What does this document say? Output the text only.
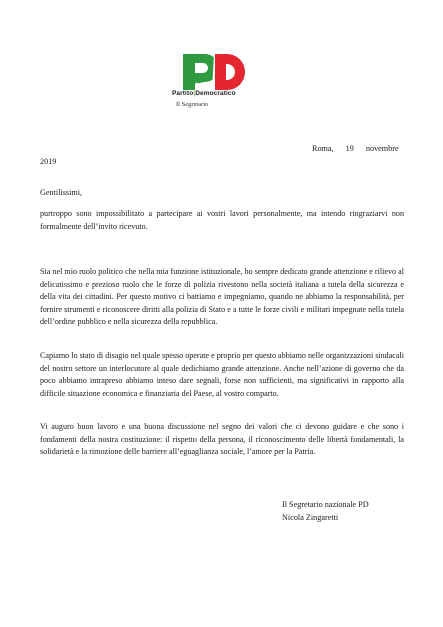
Partito|Democratico
Il Segretario
Roma, 19 novembre
2019
Gentilissimi,
purtroppo sono impossibilitato a partecipare ai vostri lavori personalmente, ma intendo ringraziarvi non formalmente dell’invito ricevuto.
Sia nel mio ruolo politico che nella mia funzione istituzionale, ho sempre dedicato grande attenzione e rilievo al delicatissimo e prezioso ruolo che le forze di polizia rivestono nella società italiana a tutela della sicurezza e della vita dei cittadini. Per questo motivo ci battiamo e impegniamo, quando ne abbiamo la responsabilità, per fornire strumenti e riconoscere diritti alla polizia di Stato e a tutte le forze civili e militari impegnate nella tutela dell’ordine pubblico e nella sicurezza della repubblica.
Capiamo lo stato di disagio nel quale spesso operate e proprio per questo abbiamo nelle organizzazioni sindacali del nostro settore un interlocutore al quale dedichiamo grande attenzione. Anche nell’azione di governo che da poco abbiamo intrapreso abbiamo inteso dare segnali, forse non sufficienti, ma significativi in rapporto alla difficile situazione economica e finanziaria del Paese, al vostro comparto.
Vi auguro buon lavoro e una buona discussione nel segno dei valori che ci devono guidare e che sono i fondamenti della nostra costituzione: il rispetto della persona, il riconoscimento delle libertà fondamentali, la solidarietà e la rimozione delle barriere all’eguaglianza sociale, l’amore per la Patria.
Il Segretario nazionale PD
Nicola Zingaretti
